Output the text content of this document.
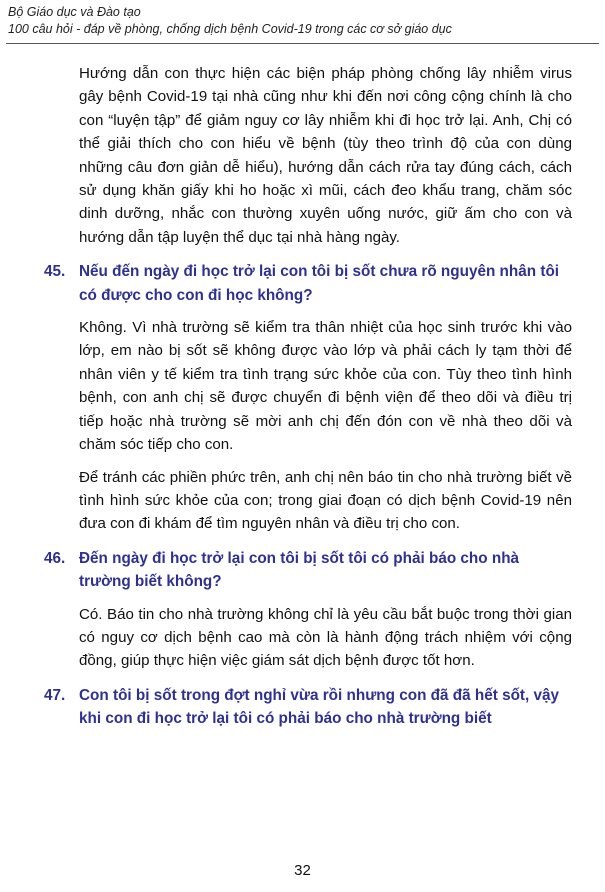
Bộ Giáo dục và Đào tạo
100 câu hỏi - đáp về phòng, chống dịch bệnh Covid-19 trong các cơ sở giáo dục

Hướng dẫn con thực hiện các biện pháp phòng chống lây nhiễm virus gây bệnh Covid-19 tại nhà cũng như khi đến nơi công cộng chính là cho con “luyện tập” để giảm nguy cơ lây nhiễm khi đi học trở lại. Anh, Chị có thể giải thích cho con hiểu về bệnh (tùy theo trình độ của con dùng những câu đơn giản dễ hiểu), hướng dẫn cách rửa tay đúng cách, cách sử dụng khăn giấy khi ho hoặc xì mũi, cách đeo khẩu trang, chăm sóc dinh dưỡng, nhắc con thường xuyên uống nước, giữ ấm cho con và hướng dẫn tập luyện thể dục tại nhà hàng ngày.

45. Nếu đến ngày đi học trở lại con tôi bị sốt chưa rõ nguyên nhân tôi có được cho con đi học không?

Không. Vì nhà trường sẽ kiểm tra thân nhiệt của học sinh trước khi vào lớp, em nào bị sốt sẽ không được vào lớp và phải cách ly tạm thời để nhân viên y tế kiểm tra tình trạng sức khỏe của con. Tùy theo tình hình bệnh, con anh chị sẽ được chuyển đi bệnh viện để theo dõi và điều trị tiếp hoặc nhà trường sẽ mời anh chị đến đón con về nhà theo dõi và chăm sóc tiếp cho con.

Để tránh các phiền phức trên, anh chị nên báo tin cho nhà trường biết về tình hình sức khỏe của con; trong giai đoạn có dịch bệnh Covid-19 nên đưa con đi khám để tìm nguyên nhân và điều trị cho con.

46. Đến ngày đi học trở lại con tôi bị sốt tôi có phải báo cho nhà trường biết không?

Có. Báo tin cho nhà trường không chỉ là yêu cầu bắt buộc trong thời gian có nguy cơ dịch bệnh cao mà còn là hành động trách nhiệm với cộng đồng, giúp thực hiện việc giám sát dịch bệnh được tốt hơn.

47. Con tôi bị sốt trong đợt nghỉ vừa rồi nhưng con đã đã hết sốt, vậy khi con đi học trở lại tôi có phải báo cho nhà trường biết
32
